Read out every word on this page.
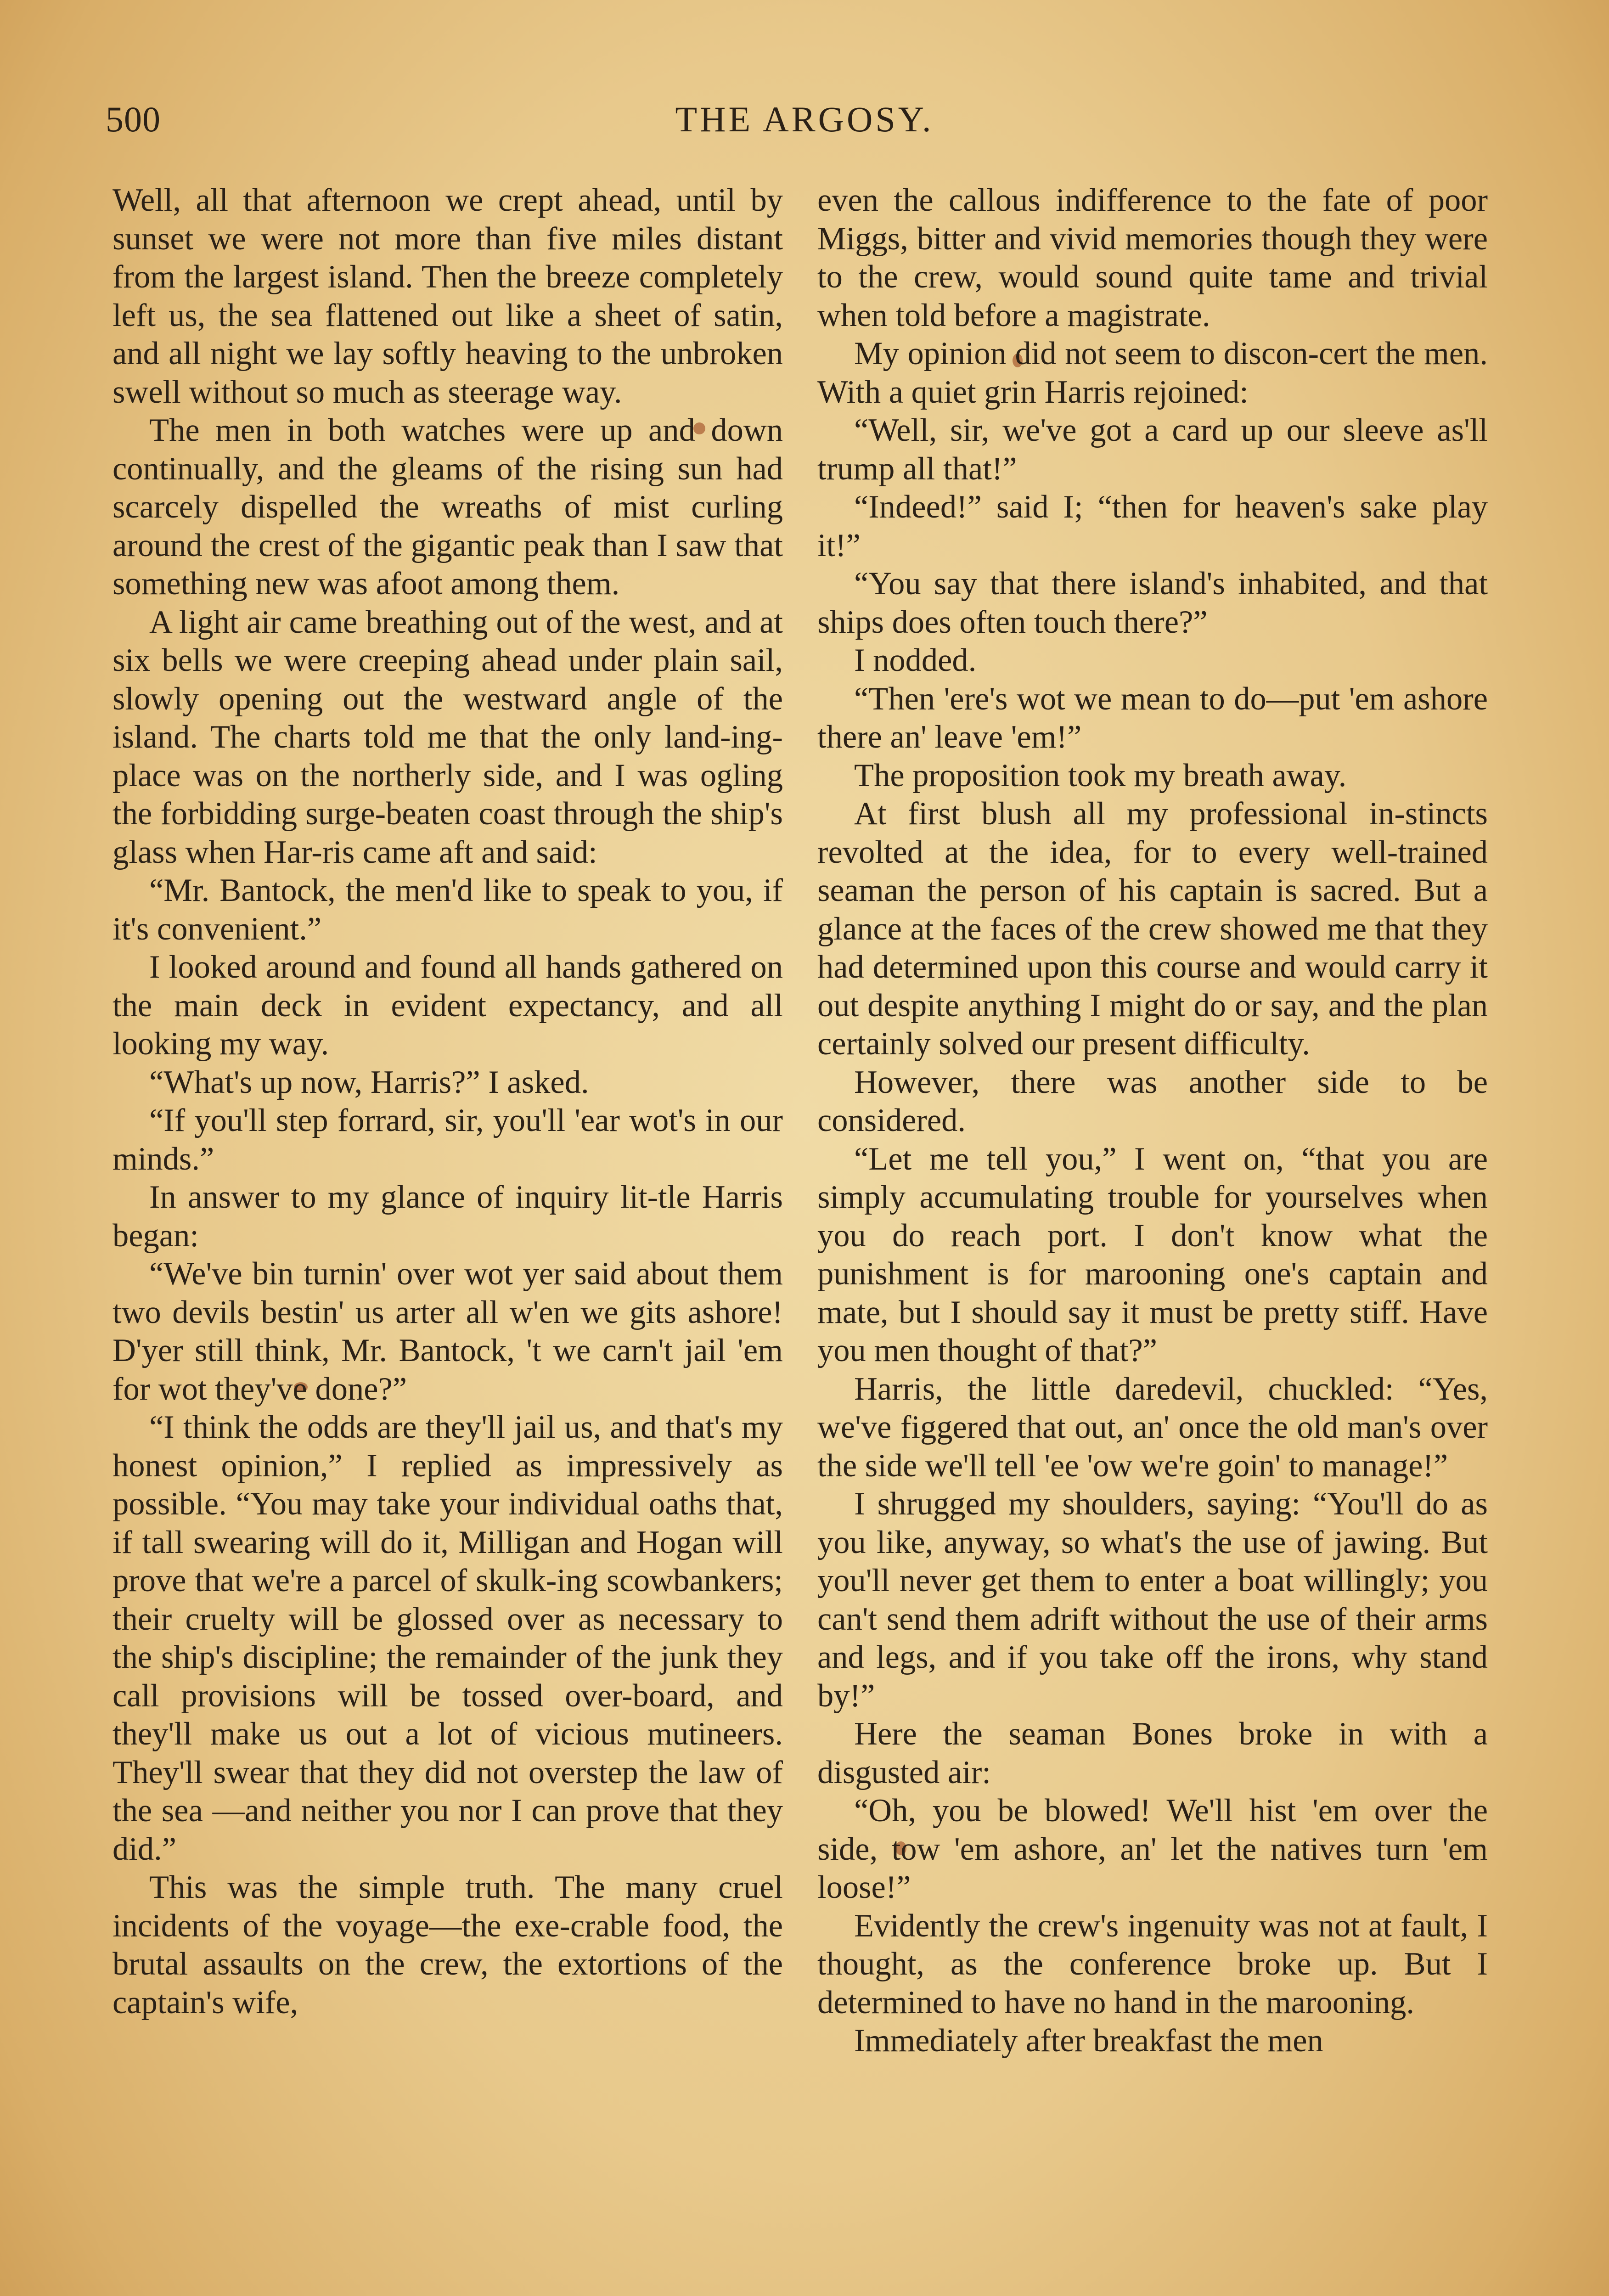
500	THE ARGOSY.

Well, all that afternoon we crept ahead, until by sunset we were not more than five miles distant from the largest island. Then the breeze completely left us, the sea flattened out like a sheet of satin, and all night we lay softly heaving to the unbroken swell without so much as steerage way.

The men in both watches were up and down continually, and the gleams of the rising sun had scarcely dispelled the wreaths of mist curling around the crest of the gigantic peak than I saw that something new was afoot among them.

A light air came breathing out of the west, and at six bells we were creeping ahead under plain sail, slowly opening out the westward angle of the island. The charts told me that the only land-ing-place was on the northerly side, and I was ogling the forbidding surge-beaten coast through the ship's glass when Har-ris came aft and said:

“Mr. Bantock, the men'd like to speak to you, if it's convenient.”

I looked around and found all hands gathered on the main deck in evident expectancy, and all looking my way.

“What's up now, Harris?” I asked.

“If you'll step forrard, sir, you'll 'ear wot's in our minds.”

In answer to my glance of inquiry lit-tle Harris began:

“We've bin turnin' over wot yer said about them two devils bestin' us arter all w'en we gits ashore! D'yer still think, Mr. Bantock, 't we carn't jail 'em for wot they've done?”

“I think the odds are they'll jail us, and that's my honest opinion,” I replied as impressively as possible. “You may take your individual oaths that, if tall swearing will do it, Milligan and Hogan will prove that we're a parcel of skulk-ing scowbankers; their cruelty will be glossed over as necessary to the ship's discipline; the remainder of the junk they call provisions will be tossed over-board, and they'll make us out a lot of vicious mutineers. They'll swear that they did not overstep the law of the sea —and neither you nor I can prove that they did.”

This was the simple truth. The many cruel incidents of the voyage—the exe-crable food, the brutal assaults on the crew, the extortions of the captain's wife,

even the callous indifference to the fate of poor Miggs, bitter and vivid memories though they were to the crew, would sound quite tame and trivial when told before a magistrate.

My opinion did not seem to discon-cert the men. With a quiet grin Harris rejoined:

“Well, sir, we've got a card up our sleeve as'll trump all that!”

“Indeed!” said I; “then for heaven's sake play it!”

“You say that there island's inhabited, and that ships does often touch there?”

I nodded.

“Then 'ere's wot we mean to do—put 'em ashore there an' leave 'em!”

The proposition took my breath away.

At first blush all my professional in-stincts revolted at the idea, for to every well-trained seaman the person of his captain is sacred. But a glance at the faces of the crew showed me that they had determined upon this course and would carry it out despite anything I might do or say, and the plan certainly solved our present difficulty.

However, there was another side to be considered.

“Let me tell you,” I went on, “that you are simply accumulating trouble for yourselves when you do reach port. I don't know what the punishment is for marooning one's captain and mate, but I should say it must be pretty stiff. Have you men thought of that?”

Harris, the little daredevil, chuckled: “Yes, we've figgered that out, an' once the old man's over the side we'll tell 'ee 'ow we're goin' to manage!”

I shrugged my shoulders, saying: “You'll do as you like, anyway, so what's the use of jawing. But you'll never get them to enter a boat willingly; you can't send them adrift without the use of their arms and legs, and if you take off the irons, why stand by!”

Here the seaman Bones broke in with a disgusted air:

“Oh, you be blowed! We'll hist 'em over the side, tow 'em ashore, an' let the natives turn 'em loose!”

Evidently the crew's ingenuity was not at fault, I thought, as the conference broke up. But I determined to have no hand in the marooning.

Immediately after breakfast the men
